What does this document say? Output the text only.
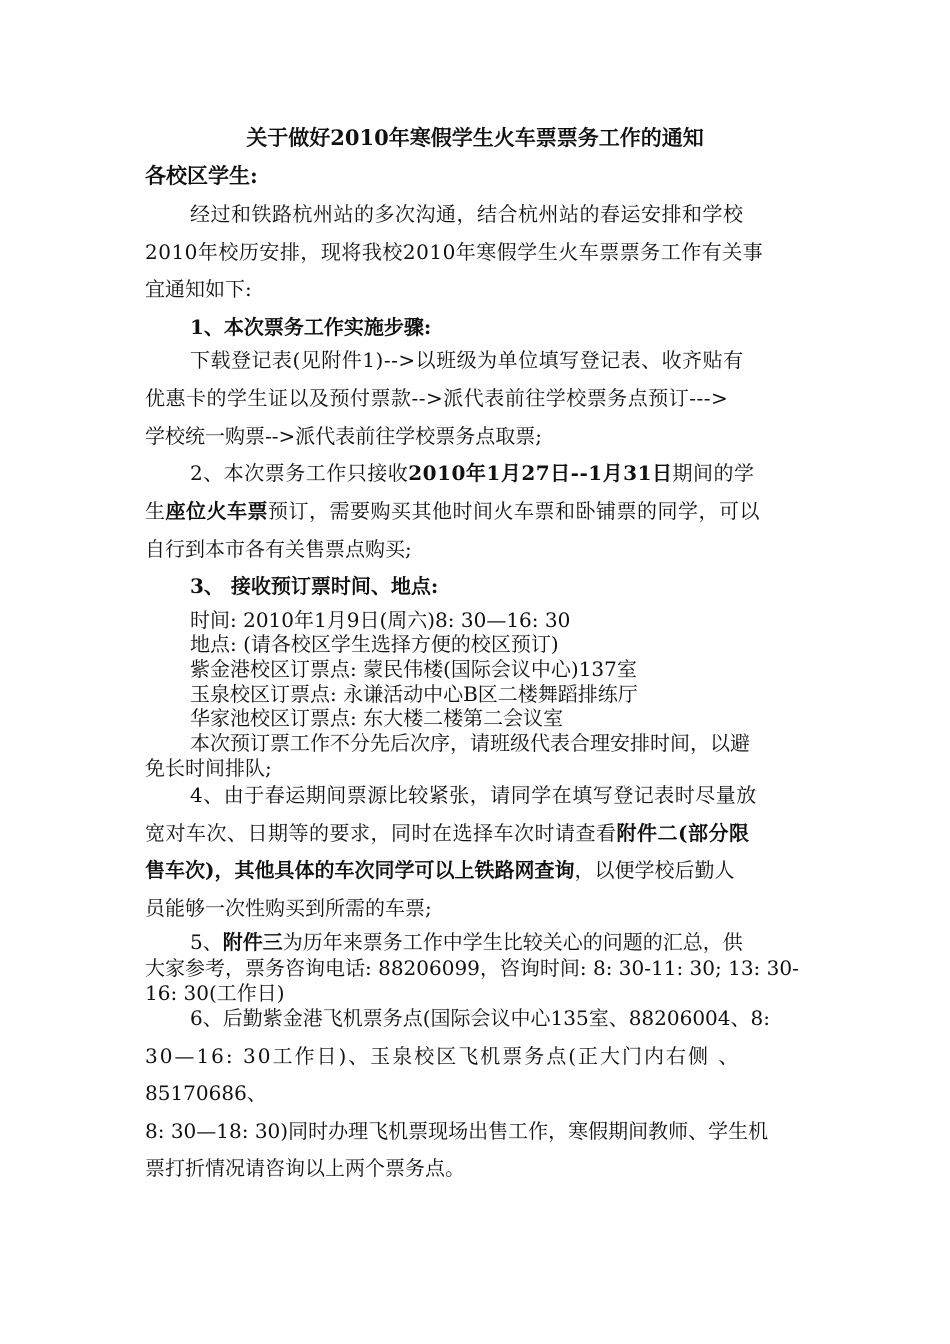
关于做好2010年寒假学生火车票票务工作的通知
各校区学生:
经过和铁路杭州站的多次沟通，结合杭州站的春运安排和学校
2010年校历安排，现将我校2010年寒假学生火车票票务工作有关事
宜通知如下:
1、本次票务工作实施步骤:
下载登记表(见附件1)-->以班级为单位填写登记表、收齐贴有
优惠卡的学生证以及预付票款-->派代表前往学校票务点预订--->
学校统一购票-->派代表前往学校票务点取票;
2、本次票务工作只接收2010年1月27日--1月31日期间的学
生座位火车票预订，需要购买其他时间火车票和卧铺票的同学，可以
自行到本市各有关售票点购买;
3、 接收预订票时间、地点:
时间: 2010年1月9日(周六)8: 30—16: 30
地点: (请各校区学生选择方便的校区预订)
紫金港校区订票点: 蒙民伟楼(国际会议中心)137室
玉泉校区订票点: 永谦活动中心B区二楼舞蹈排练厅
华家池校区订票点: 东大楼二楼第二会议室
本次预订票工作不分先后次序，请班级代表合理安排时间，以避
免长时间排队;
4、由于春运期间票源比较紧张，请同学在填写登记表时尽量放
宽对车次、日期等的要求，同时在选择车次时请查看附件二(部分限
售车次)，其他具体的车次同学可以上铁路网查询，以便学校后勤人
员能够一次性购买到所需的车票;
5、附件三为历年来票务工作中学生比较关心的问题的汇总，供
大家参考，票务咨询电话: 88206099，咨询时间: 8: 30-11: 30; 13: 30-
16: 30(工作日)
6、后勤紫金港飞机票务点(国际会议中心135室、88206004、8:
30—16: 30工作日)、玉泉校区飞机票务点(正大门内右侧 、
85170686、
8: 30—18: 30)同时办理飞机票现场出售工作，寒假期间教师、学生机
票打折情况请咨询以上两个票务点。
